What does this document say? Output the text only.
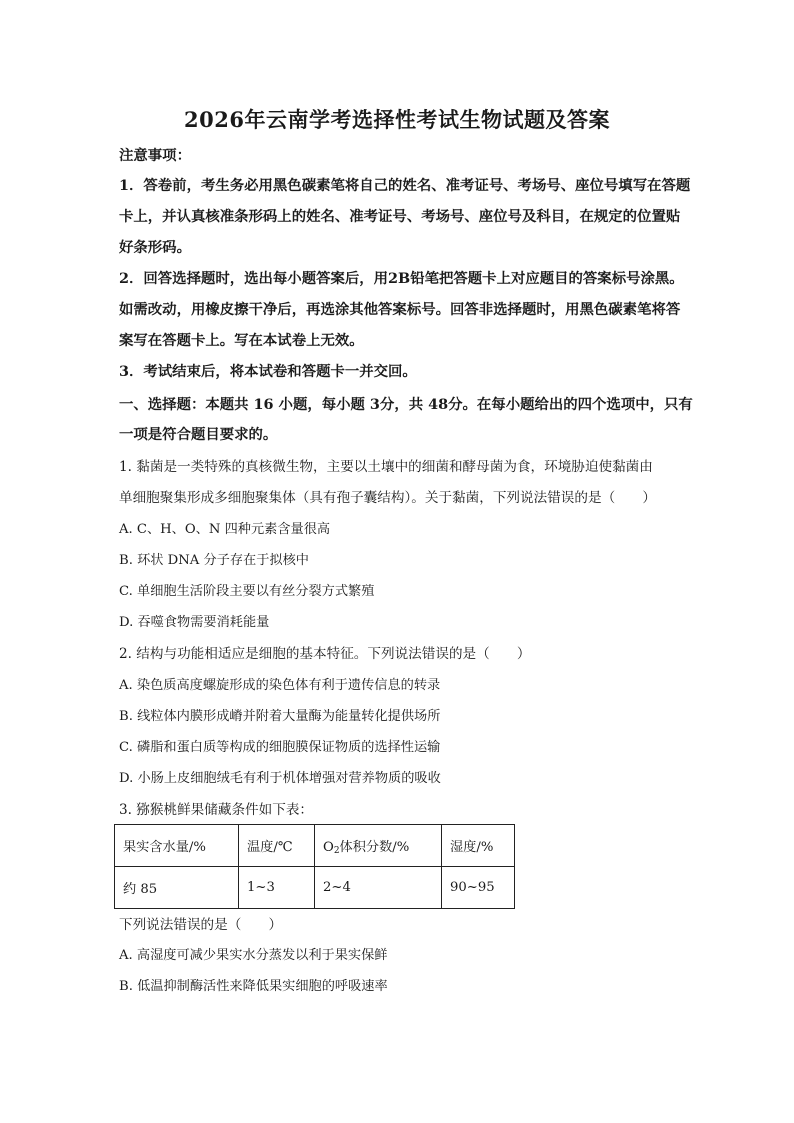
2026年云南学考选择性考试生物试题及答案
注意事项：
1．答卷前，考生务必用黑色碳素笔将自己的姓名、准考证号、考场号、座位号填写在答题
卡上，并认真核准条形码上的姓名、准考证号、考场号、座位号及科目，在规定的位置贴
好条形码。
2．回答选择题时，选出每小题答案后，用2B铅笔把答题卡上对应题目的答案标号涂黑。
如需改动，用橡皮擦干净后，再选涂其他答案标号。回答非选择题时，用黑色碳素笔将答
案写在答题卡上。写在本试卷上无效。
3．考试结束后，将本试卷和答题卡一并交回。
一、选择题：本题共 16 小题，每小题 3分，共 48分。在每小题给出的四个选项中，只有
一项是符合题目要求的。
1. 黏菌是一类特殊的真核微生物，主要以土壤中的细菌和酵母菌为食，环境胁迫使黏菌由
单细胞聚集形成多细胞聚集体（具有孢子囊结构）。关于黏菌，下列说法错误的是（　　）
A. C、H、O、N 四种元素含量很高
B. 环状 DNA 分子存在于拟核中
C. 单细胞生活阶段主要以有丝分裂方式繁殖
D. 吞噬食物需要消耗能量
2. 结构与功能相适应是细胞的基本特征。下列说法错误的是（　　）
A. 染色质高度螺旋形成的染色体有利于遗传信息的转录
B. 线粒体内膜形成嵴并附着大量酶为能量转化提供场所
C. 磷脂和蛋白质等构成的细胞膜保证物质的选择性运输
D. 小肠上皮细胞绒毛有利于机体增强对营养物质的吸收
3. 猕猴桃鲜果储藏条件如下表：
果实含水量/%	温度/℃	$O_2$体积分数/%	湿度/%
约 85	1~3	2~4	90~95
下列说法错误的是（　　）
A. 高湿度可减少果实水分蒸发以利于果实保鲜
B. 低温抑制酶活性来降低果实细胞的呼吸速率
